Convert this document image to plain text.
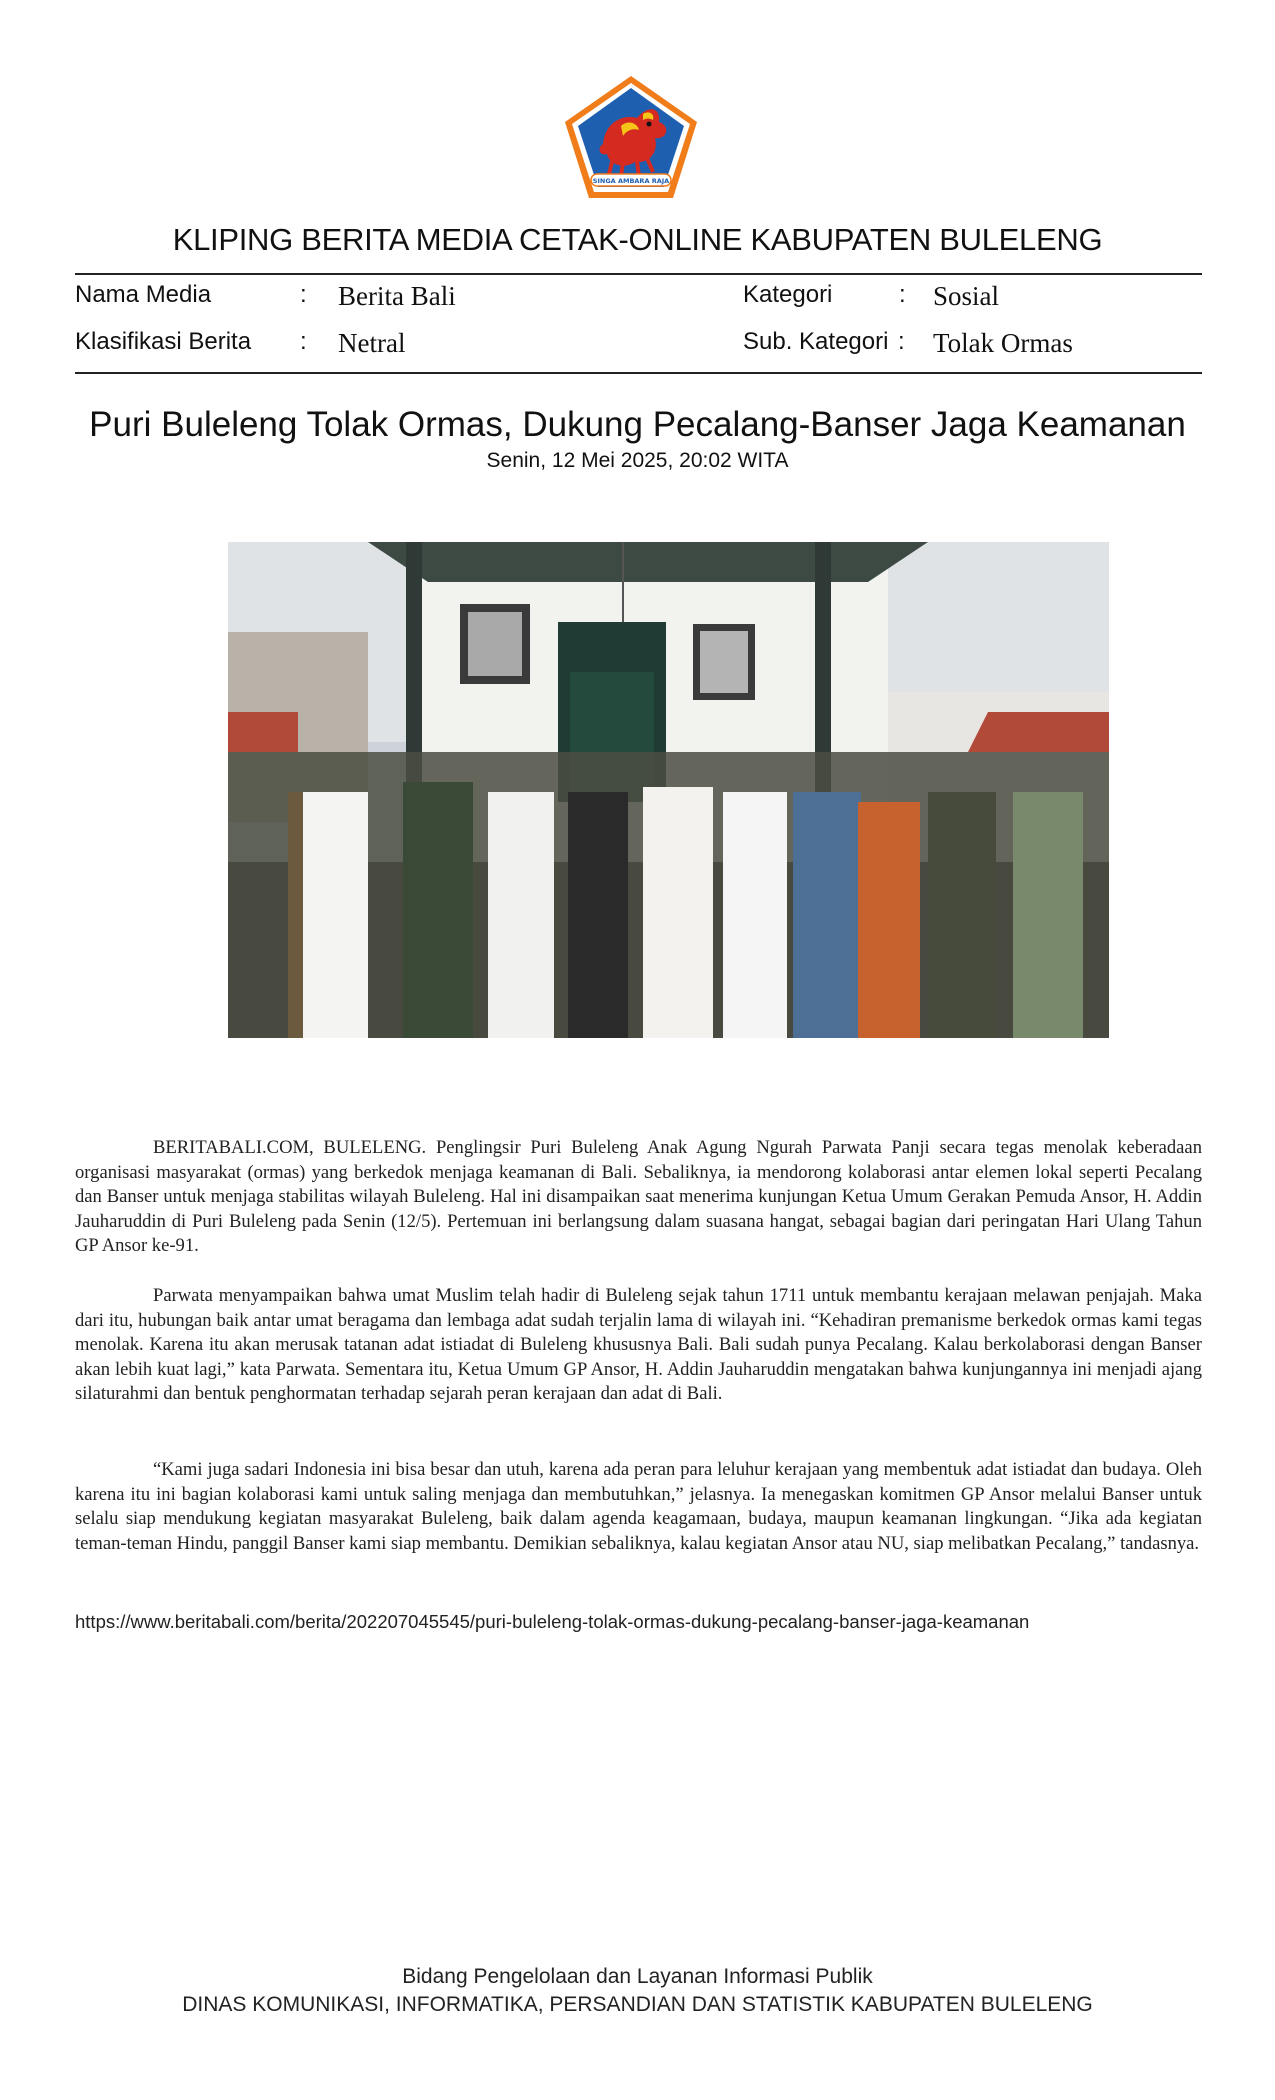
SINGA AMBARA RAJA
KLIPING BERITA MEDIA CETAK-ONLINE KABUPATEN BULELENG
Nama Media	: Berita Bali	Kategori	: Sosial
Klasifikasi Berita : Netral	Sub. Kategori : Tolak Ormas
Puri Buleleng Tolak Ormas, Dukung Pecalang-Banser Jaga Keamanan
Senin, 12 Mei 2025, 20:02 WITA
BERITABALI.COM, BULELENG. Penglingsir Puri Buleleng Anak Agung Ngurah Parwata Panji secara tegas menolak keberadaan organisasi masyarakat (ormas) yang berkedok menjaga keamanan di Bali. Sebaliknya, ia mendorong kolaborasi antar elemen lokal seperti Pecalang dan Banser untuk menjaga stabilitas wilayah Buleleng. Hal ini disampaikan saat menerima kunjungan Ketua Umum Gerakan Pemuda Ansor, H. Addin Jauharuddin di Puri Buleleng pada Senin (12/5). Pertemuan ini berlangsung dalam suasana hangat, sebagai bagian dari peringatan Hari Ulang Tahun GP Ansor ke-91.
Parwata menyampaikan bahwa umat Muslim telah hadir di Buleleng sejak tahun 1711 untuk membantu kerajaan melawan penjajah. Maka dari itu, hubungan baik antar umat beragama dan lembaga adat sudah terjalin lama di wilayah ini. “Kehadiran premanisme berkedok ormas kami tegas menolak. Karena itu akan merusak tatanan adat istiadat di Buleleng khususnya Bali. Bali sudah punya Pecalang. Kalau berkolaborasi dengan Banser akan lebih kuat lagi,” kata Parwata. Sementara itu, Ketua Umum GP Ansor, H. Addin Jauharuddin mengatakan bahwa kunjungannya ini menjadi ajang silaturahmi dan bentuk penghormatan terhadap sejarah peran kerajaan dan adat di Bali.
“Kami juga sadari Indonesia ini bisa besar dan utuh, karena ada peran para leluhur kerajaan yang membentuk adat istiadat dan budaya. Oleh karena itu ini bagian kolaborasi kami untuk saling menjaga dan membutuhkan,” jelasnya. Ia menegaskan komitmen GP Ansor melalui Banser untuk selalu siap mendukung kegiatan masyarakat Buleleng, baik dalam agenda keagamaan, budaya, maupun keamanan lingkungan. “Jika ada kegiatan teman-teman Hindu, panggil Banser kami siap membantu. Demikian sebaliknya, kalau kegiatan Ansor atau NU, siap melibatkan Pecalang,” tandasnya.
https://www.beritabali.com/berita/202207045545/puri-buleleng-tolak-ormas-dukung-pecalang-banser-jaga-keamanan
Bidang Pengelolaan dan Layanan Informasi Publik
DINAS KOMUNIKASI, INFORMATIKA, PERSANDIAN DAN STATISTIK KABUPATEN BULELENG
